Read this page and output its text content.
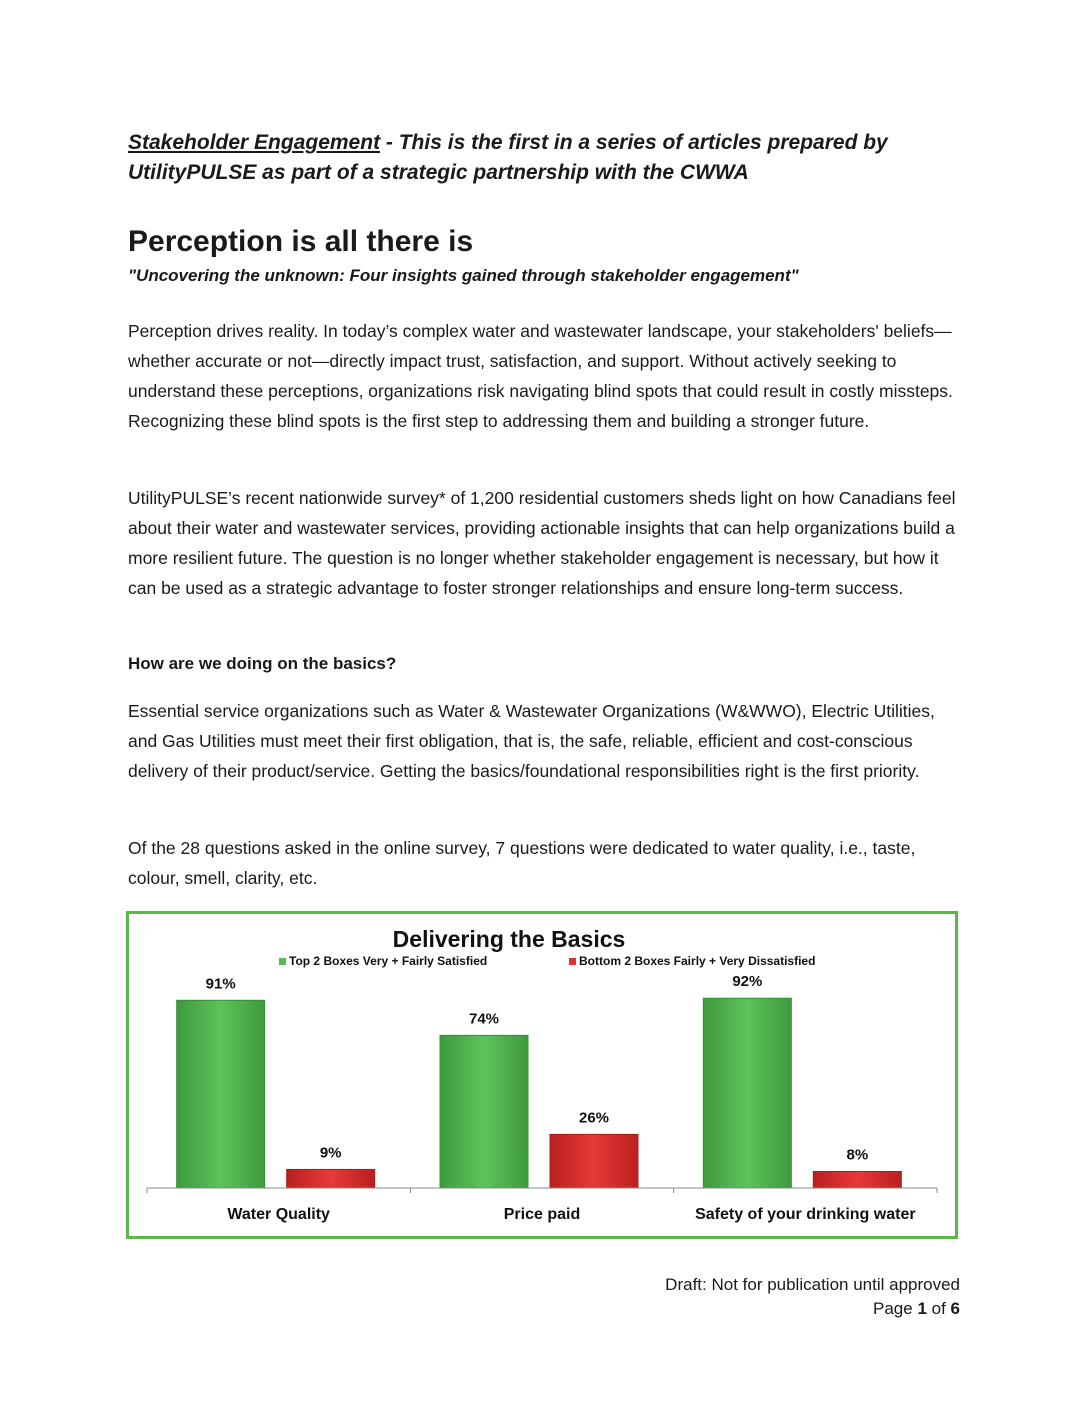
Stakeholder Engagement - This is the first in a series of articles prepared by UtilityPULSE as part of a strategic partnership with the CWWA

Perception is all there is

"Uncovering the unknown: Four insights gained through stakeholder engagement"

Perception drives reality. In today’s complex water and wastewater landscape, your stakeholders' beliefs—whether accurate or not—directly impact trust, satisfaction, and support. Without actively seeking to understand these perceptions, organizations risk navigating blind spots that could result in costly missteps. Recognizing these blind spots is the first step to addressing them and building a stronger future.

UtilityPULSE’s recent nationwide survey* of 1,200 residential customers sheds light on how Canadians feel about their water and wastewater services, providing actionable insights that can help organizations build a more resilient future. The question is no longer whether stakeholder engagement is necessary, but how it can be used as a strategic advantage to foster stronger relationships and ensure long-term success.

How are we doing on the basics?

Essential service organizations such as Water & Wastewater Organizations (W&WWO), Electric Utilities, and Gas Utilities must meet their first obligation, that is, the safe, reliable, efficient and cost-conscious delivery of their product/service. Getting the basics/foundational responsibilities right is the first priority.

Of the 28 questions asked in the online survey, 7 questions were dedicated to water quality, i.e., taste, colour, smell, clarity, etc.

Delivering the Basics
Top 2 Boxes Very + Fairly Satisfied	Bottom 2 Boxes Fairly + Very Dissatisfied
91%
9%
74%
26%
92%
8%
Water Quality	Price paid	Safety of your drinking water
Draft: Not for publication until approved
Page 1 of 6
